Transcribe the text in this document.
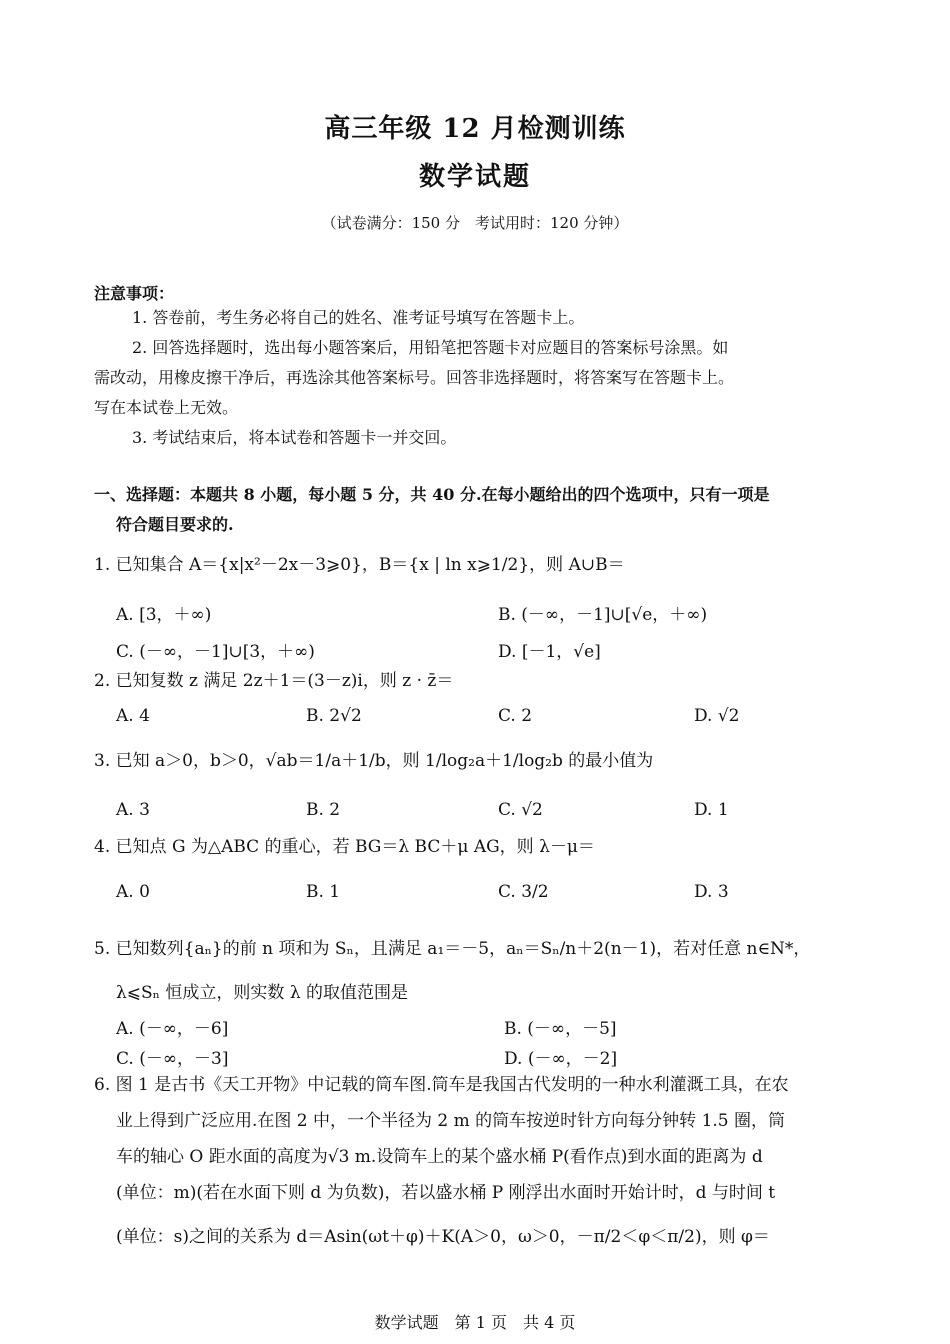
高三年级 12 月检测训练
数学试题
（试卷满分：150 分　考试用时：120 分钟）
注意事项：
1. 答卷前，考生务必将自己的姓名、准考证号填写在答题卡上。
2. 回答选择题时，选出每小题答案后，用铅笔把答题卡对应题目的答案标号涂黑。如
需改动，用橡皮擦干净后，再选涂其他答案标号。回答非选择题时，将答案写在答题卡上。
写在本试卷上无效。
3. 考试结束后，将本试卷和答题卡一并交回。
一、选择题：本题共 8 小题，每小题 5 分，共 40 分.在每小题给出的四个选项中，只有一项是
符合题目要求的.
1. 已知集合 A＝{x|x²－2x－3⩾0}，B＝{x | ln x⩾1/2}，则 A∪B＝
A. [3，＋∞)	B. (－∞，－1]∪[√e，＋∞)
C. (－∞，－1]∪[3，＋∞)	D. [－1，√e]
2. 已知复数 z 满足 2z＋1＝(3－z)i，则 z · z̄＝
A. 4	B. 2√2	C. 2	D. √2
3. 已知 a＞0，b＞0，√ab＝1/a＋1/b，则 1/log₂a＋1/log₂b 的最小值为
A. 3	B. 2	C. √2	D. 1
4. 已知点 G 为△ABC 的重心，若 BG＝λ BC＋μ AG，则 λ－μ＝
A. 0	B. 1	C. 3/2	D. 3
5. 已知数列{aₙ}的前 n 项和为 Sₙ，且满足 a₁＝－5，aₙ＝Sₙ/n＋2(n－1)，若对任意 n∈N*，
λ⩽Sₙ 恒成立，则实数 λ 的取值范围是
A. (－∞，－6]	B. (－∞，－5]
C. (－∞，－3]	D. (－∞，－2]
6. 图 1 是古书《天工开物》中记载的筒车图.筒车是我国古代发明的一种水利灌溉工具，在农
业上得到广泛应用.在图 2 中，一个半径为 2 m 的筒车按逆时针方向每分钟转 1.5 圈，筒
车的轴心 O 距水面的高度为√3 m.设筒车上的某个盛水桶 P(看作点)到水面的距离为 d
(单位：m)(若在水面下则 d 为负数)，若以盛水桶 P 刚浮出水面时开始计时，d 与时间 t
(单位：s)之间的关系为 d＝Asin(ωt＋φ)＋K(A＞0，ω＞0，－π/2＜φ＜π/2)，则 φ＝
数学试题　第 1 页　共 4 页
